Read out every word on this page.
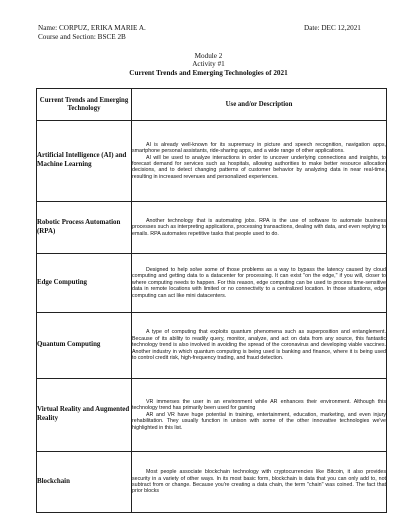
Name: CORPUZ, ERIKA MARIE A.
Course and Section: BSCE 2B
Date: DEC 12,2021
Module 2
Activity #1
Current Trends and Emerging Technologies of 2021
Current Trends and Emerging Technology	Use and/or Description
Artificial Intelligence (AI) and Machine Learning	AI is already well-known for its supremacy in picture and speech recognition, navigation apps, smartphone personal assistants, ride-sharing apps, and a wide range of other applications.

AI will be used to analyze interactions in order to uncover underlying connections and insights, to forecast demand for services such as hospitals, allowing authorities to make better resource allocation decisions, and to detect changing patterns of customer behavior by analyzing data in near real-time, resulting in increased revenues and personalized experiences.

Robotic Process Automation (RPA)	Another technology that is automating jobs. RPA is the use of software to automate business processes such as interpreting applications, processing transactions, dealing with data, and even replying to emails. RPA automates repetitive tasks that people used to do.

Edge Computing	Designed to help solve some of those problems as a way to bypass the latency caused by cloud computing and getting data to a datacenter for processing. It can exist "on the edge," if you will, closer to where computing needs to happen. For this reason, edge computing can be used to process time-sensitive data in remote locations with limited or no connectivity to a centralized location. In those situations, edge computing can act like mini datacenters.

Quantum Computing	A type of computing that exploits quantum phenomena such as superposition and entanglement. Because of its ability to readily query, monitor, analyze, and act on data from any source, this fantastic technology trend is also involved in avoiding the spread of the coronavirus and developing viable vaccines. Another industry in which quantum computing is being used is banking and finance, where it is being used to control credit risk, high-frequency trading, and fraud detection.

Virtual Reality and Augmented Reality	VR immerses the user in an environment while AR enhances their environment. Although this technology trend has primarily been used for gaming

AR and VR have huge potential in training, entertainment, education, marketing, and even injury rehabilitation. They usually function in unison with some of the other innovative technologies we've highlighted in this list.

Blockchain	Most people associate blockchain technology with cryptocurrencies like Bitcoin, it also provides security in a variety of other ways. In its most basic form, blockchain is data that you can only add to, not subtract from or change. Because you're creating a data chain, the term "chain" was coined. The fact that prior blocks
